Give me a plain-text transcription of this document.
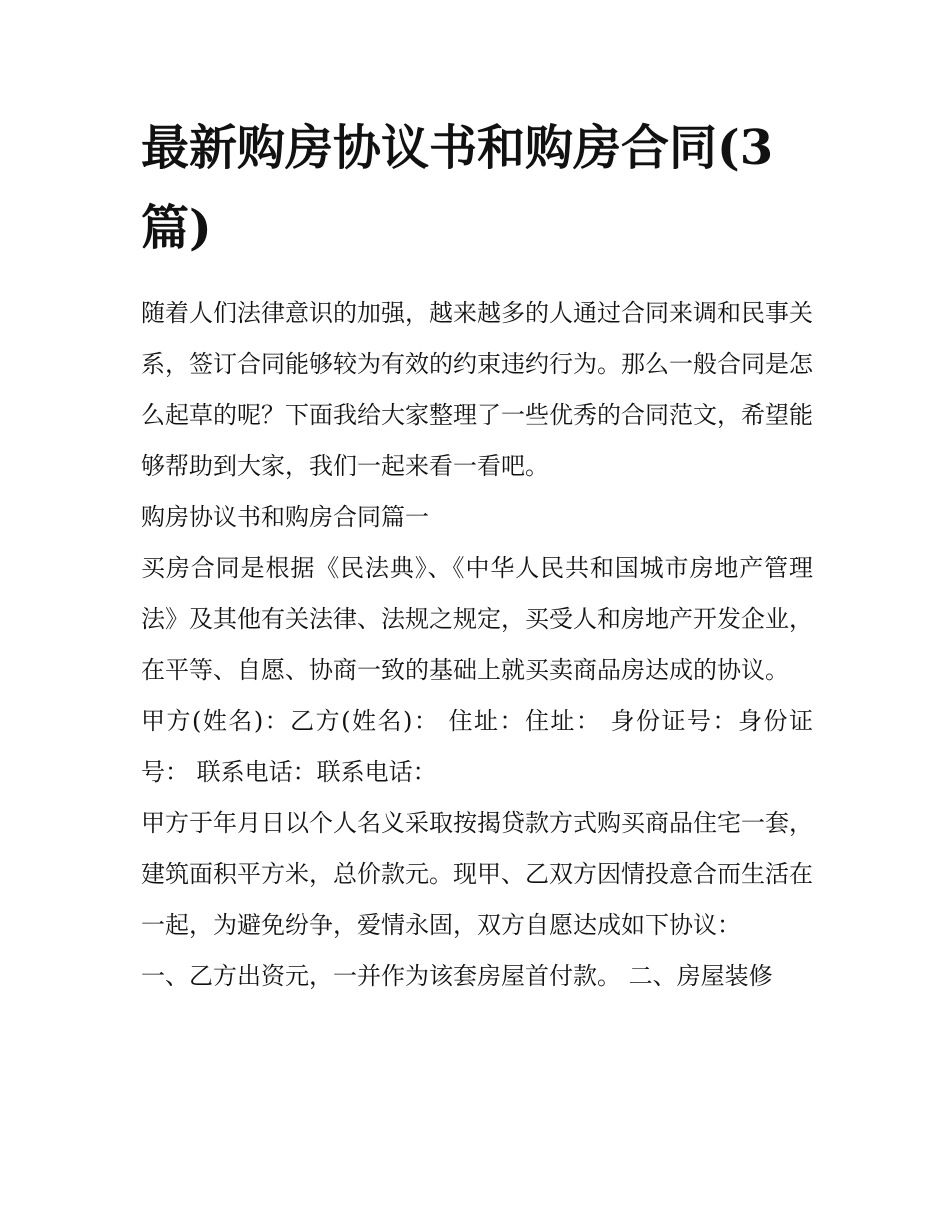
最新购房协议书和购房合同(3篇)

随着人们法律意识的加强，越来越多的人通过合同来调和民事关系，签订合同能够较为有效的约束违约行为。那么一般合同是怎么起草的呢？下面我给大家整理了一些优秀的合同范文，希望能够帮助到大家，我们一起来看一看吧。

购房协议书和购房合同篇一

买房合同是根据《民法典》、《中华人民共和国城市房地产管理法》及其他有关法律、法规之规定，买受人和房地产开发企业，在平等、自愿、协商一致的基础上就买卖商品房达成的协议。

甲方(姓名)：乙方(姓名)： 住址：住址： 身份证号：身份证号： 联系电话：联系电话：

甲方于年月日以个人名义采取按揭贷款方式购买商品住宅一套，建筑面积平方米，总价款元。现甲、乙双方因情投意合而生活在一起，为避免纷争，爱情永固，双方自愿达成如下协议：

一、乙方出资元，一并作为该套房屋首付款。 二、房屋装修
